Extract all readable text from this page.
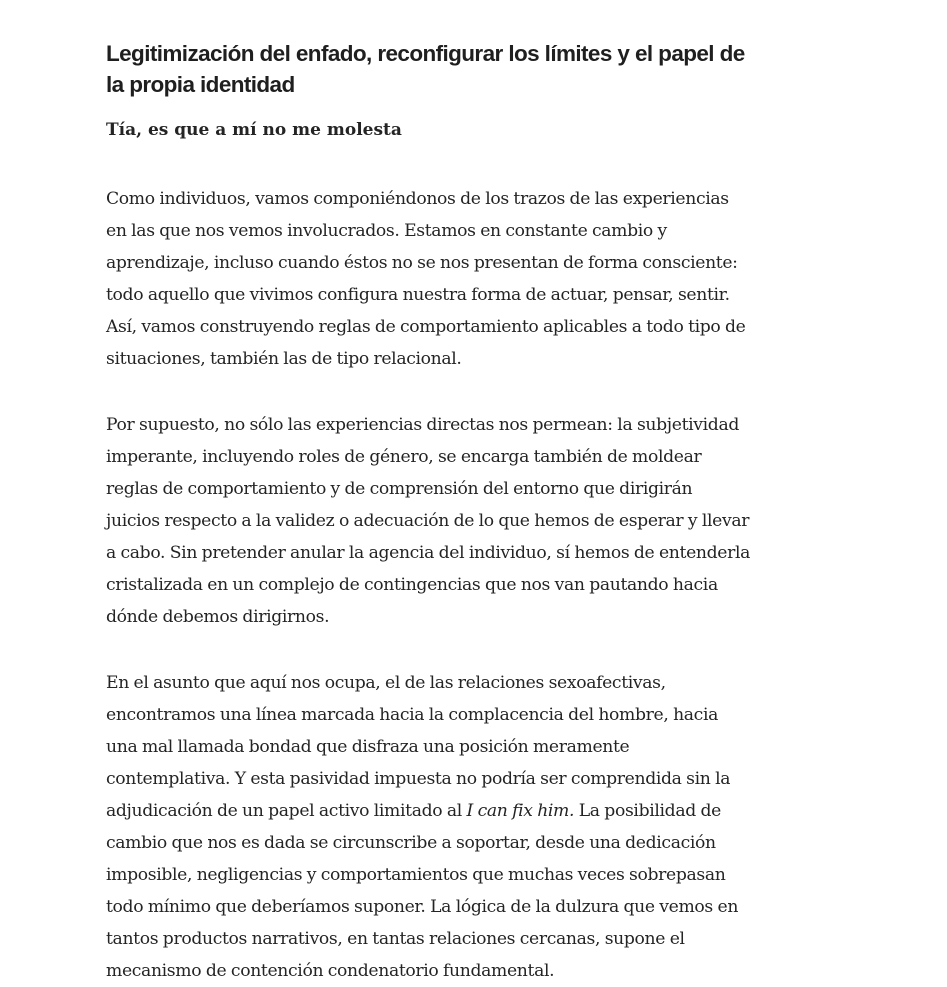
Legitimización del enfado, reconfigurar los límites y el papel de
la propia identidad
Tía, es que a mí no me molesta

Como individuos, vamos componiéndonos de los trazos de las experiencias
en las que nos vemos involucrados. Estamos en constante cambio y
aprendizaje, incluso cuando éstos no se nos presentan de forma consciente:
todo aquello que vivimos configura nuestra forma de actuar, pensar, sentir.
Así, vamos construyendo reglas de comportamiento aplicables a todo tipo de
situaciones, también las de tipo relacional.

Por supuesto, no sólo las experiencias directas nos permean: la subjetividad
imperante, incluyendo roles de género, se encarga también de moldear
reglas de comportamiento y de comprensión del entorno que dirigirán
juicios respecto a la validez o adecuación de lo que hemos de esperar y llevar
a cabo. Sin pretender anular la agencia del individuo, sí hemos de entenderla
cristalizada en un complejo de contingencias que nos van pautando hacia
dónde debemos dirigirnos.

En el asunto que aquí nos ocupa, el de las relaciones sexoafectivas,
encontramos una línea marcada hacia la complacencia del hombre, hacia
una mal llamada bondad que disfraza una posición meramente
contemplativa. Y esta pasividad impuesta no podría ser comprendida sin la
adjudicación de un papel activo limitado al I can fix him. La posibilidad de
cambio que nos es dada se circunscribe a soportar, desde una dedicación
imposible, negligencias y comportamientos que muchas veces sobrepasan
todo mínimo que deberíamos suponer. La lógica de la dulzura que vemos en
tantos productos narrativos, en tantas relaciones cercanas, supone el
mecanismo de contención condenatorio fundamental.
